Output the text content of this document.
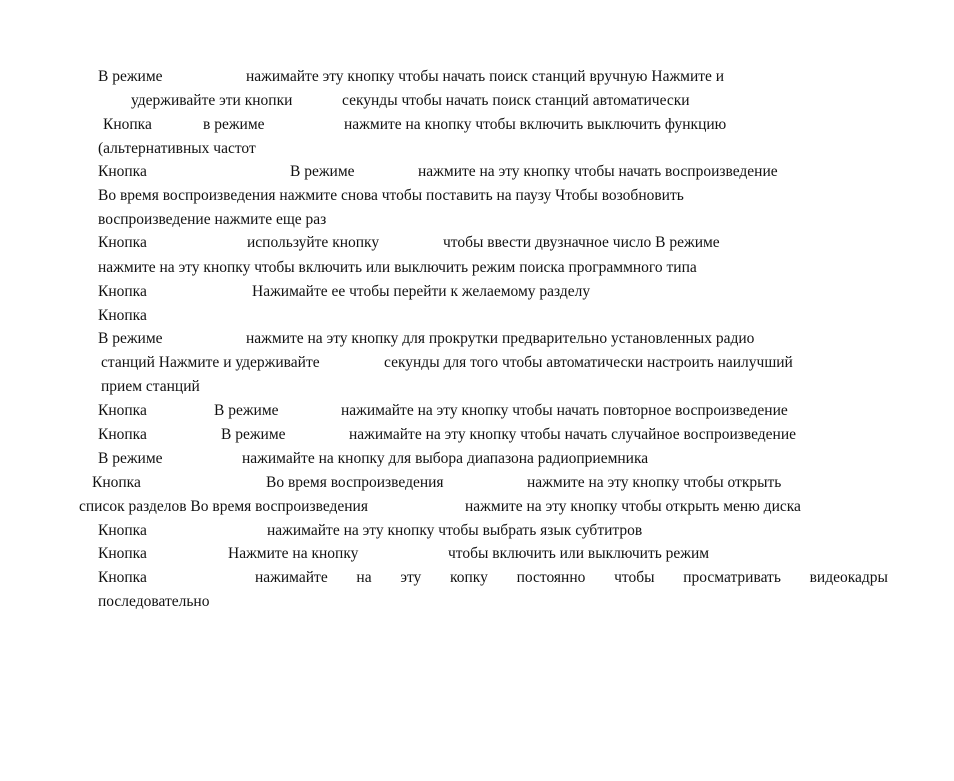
В режиме	нажимайте эту кнопку чтобы начать поиск станций вручную Нажмите и
удерживайте эти кнопки	секунды чтобы начать поиск станций автоматически
Кнопка	в режиме	нажмите на кнопку чтобы включить выключить функцию
(альтернативных частот
Кнопка	В режиме	нажмите на эту кнопку чтобы начать воспроизведение
Во время воспроизведения нажмите снова чтобы поставить на паузу Чтобы возобновить
воспроизведение нажмите еще раз
Кнопка	используйте кнопку	чтобы ввести двузначное число В режиме
нажмите на эту кнопку чтобы включить или выключить режим поиска программного типа
Кнопка	Нажимайте ее чтобы перейти к желаемому разделу
Кнопка
В режиме	нажмите на эту кнопку для прокрутки предварительно установленных радио
станций Нажмите и удерживайте	секунды для того чтобы автоматически настроить наилучший
прием станций
Кнопка	В режиме	нажимайте на эту кнопку чтобы начать повторное воспроизведение
Кнопка	В режиме	нажимайте на эту кнопку чтобы начать случайное воспроизведение
В режиме	нажимайте на кнопку для выбора диапазона радиоприемника
Кнопка	Во время воспроизведения	нажмите на эту кнопку чтобы открыть
список разделов Во время воспроизведения	нажмите на эту кнопку чтобы открыть меню диска
Кнопка	нажимайте на эту кнопку чтобы выбрать язык субтитров
Кнопка	Нажмите на кнопку	чтобы включить или выключить режим
Кнопка	нажимайте на эту копку постоянно чтобы просматривать видеокадры
последовательно
